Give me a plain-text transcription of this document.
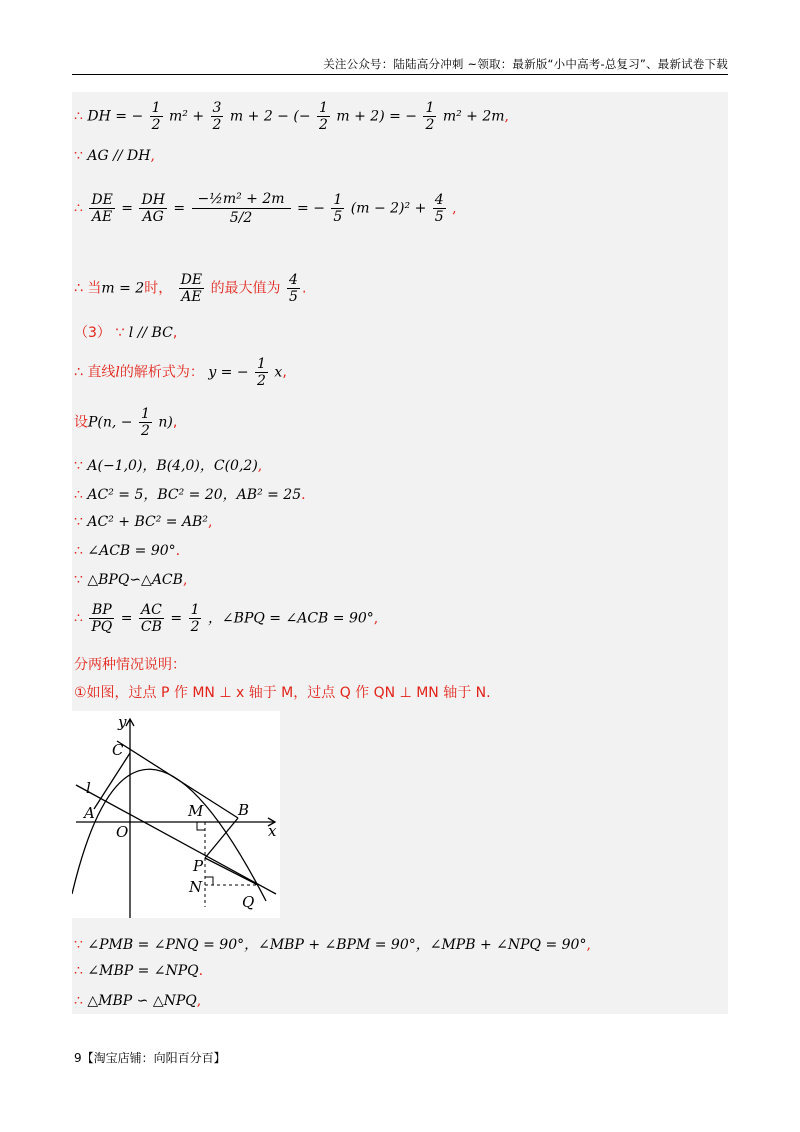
关注公众号：陆陆高分冲刺 ~领取：最新版“小中高考-总复习”、最新试卷下载
∴ DH = − $\frac{1}{2} m^2 + \frac{3}{2}$ m + 2 − (− $\frac{1}{2}$ m + 2) = − $\frac{1}{2} m^2 + 2m$,
∵ AG // DH,
∴ $\frac{DE}{AE} = \frac{DH}{AG} = \frac{\text{−½m² + 2m}}{5/2}$ = − $\frac{1}{5} (m - 2)^2 + \frac{4}{5}$ ,
∴ 当m = 2时， $\frac{DE}{AE}$ 的最大值为 $\frac{4}{5}$ .
（3） ∵ l // BC,
∴ 直线l的解析式为： y = − $\frac{1}{2} x$,
设P(n, − $\frac{1}{2} n$),
∵ A(−1,0)，B(4,0)，C(0,2),
∴ AC² = 5，BC² = 20，AB² = 25.
∵ AC² + BC² = AB²,
∴ ∠ACB = 90°.
∵ △BPQ∽△ACB,
∴ $\frac{BP}{PQ} = \frac{AC}{CB} = \frac{1}{2}$ ，∠BPQ = ∠ACB = 90°,
分两种情况说明：
①如图，过点 P 作 MN ⊥ x 轴于 M，过点 Q 作 QN ⊥ MN 轴于 N.
y
x
C
l
A	M B
O
P
N
Q
∵ ∠PMB = ∠PNQ = 90°，∠MBP + ∠BPM = 90°，∠MPB + ∠NPQ = 90°,
∴ ∠MBP = ∠NPQ.
∴ △MBP ∽ △NPQ,
9【淘宝店铺：向阳百分百】
